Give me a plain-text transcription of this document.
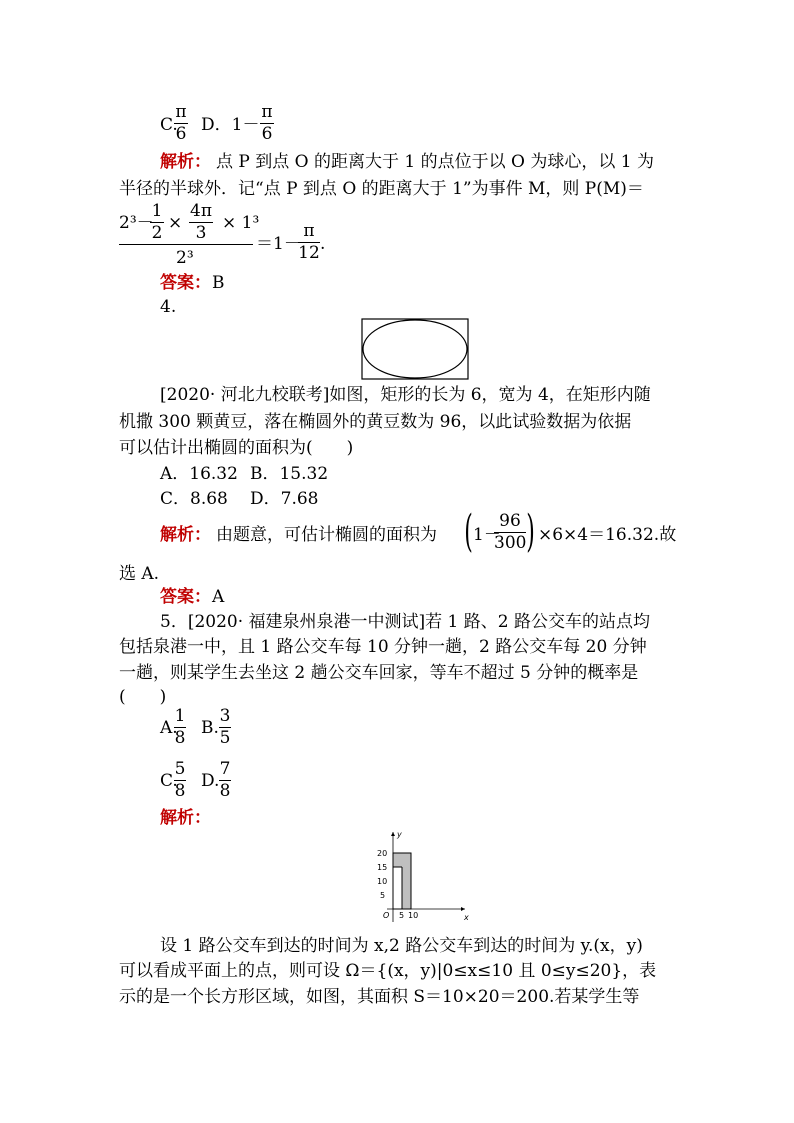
C.
π
6 D．1－
π
6
解析： 点 P 到点 O 的距离大于 1 的点位于以 O 为球心，以 1 为
半径的半球外．记“点 P 到点 O 的距离大于 1”为事件 M，则 P(M)＝
2³－
1
2 ×
4π
3 × 1³
2³
＝1－
π
12 .
答案： B
4.
[2020· 河北九校联考]如图，矩形的长为 6，宽为 4，在矩形内随
机撒 300 颗黄豆，落在椭圆外的黄豆数为 96，以此试验数据为依据
可以估计出椭圆的面积为(　　)
A．16.32 B．15.32
C．8.68 D．7.68
解析： 由题意，可估计椭圆的面积为 ( 1－
96
300 ) ×6×4＝16.32.故
选 A.
答案： A
5．[2020· 福建泉州泉港一中测试]若 1 路、2 路公交车的站点均
包括泉港一中，且 1 路公交车每 10 分钟一趟，2 路公交车每 20 分钟
一趟，则某学生去坐这 2 趟公交车回家，等车不超过 5 分钟的概率是
(　　)
A.
1
8 B.
3
5
C.
5
8 D.
7
8
解析：
y
x
O
20
15
10
5
5 10
设 1 路公交车到达的时间为 x,2 路公交车到达的时间为 y.(x，y)
可以看成平面上的点，则可设 Ω＝{(x，y)|0≤x≤10 且 0≤y≤20}，表
示的是一个长方形区域，如图，其面积 S＝10×20＝200.若某学生等
